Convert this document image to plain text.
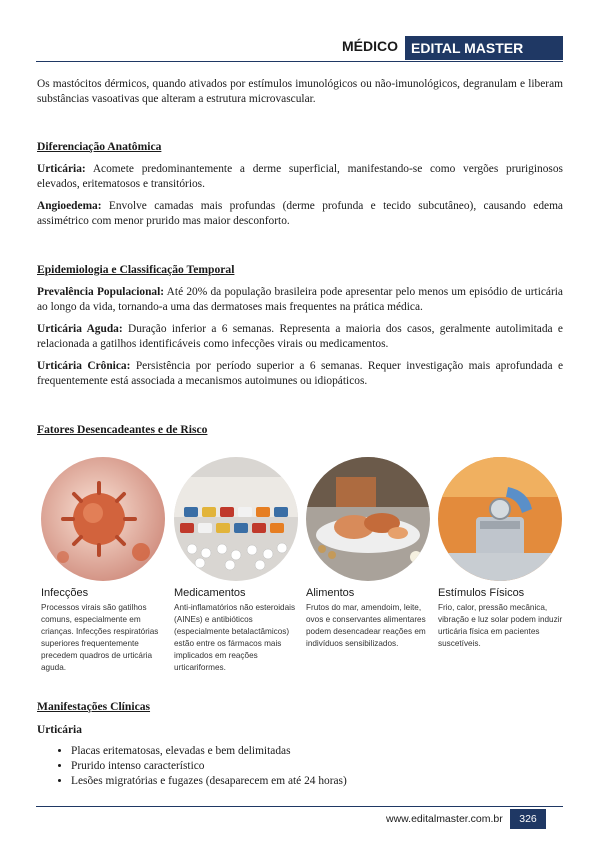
MÉDICO EDITAL MASTER

Os mastócitos dérmicos, quando ativados por estímulos imunológicos ou não-imunológicos, degranulam e liberam substâncias vasoativas que alteram a estrutura microvascular.

Diferenciação Anatômica

Urticária: Acomete predominantemente a derme superficial, manifestando-se como vergões pruriginosos elevados, eritematosos e transitórios.

Angioedema: Envolve camadas mais profundas (derme profunda e tecido subcutâneo), causando edema assimétrico com menor prurido mas maior desconforto.

Epidemiologia e Classificação Temporal

Prevalência Populacional: Até 20% da população brasileira pode apresentar pelo menos um episódio de urticária ao longo da vida, tornando-a uma das dermatoses mais frequentes na prática médica.

Urticária Aguda: Duração inferior a 6 semanas. Representa a maioria dos casos, geralmente autolimitada e relacionada a gatilhos identificáveis como infecções virais ou medicamentos.

Urticária Crônica: Persistência por período superior a 6 semanas. Requer investigação mais aprofundada e frequentemente está associada a mecanismos autoimunes ou idiopáticos.

Fatores Desencadeantes e de Risco

Infecções
Processos virais são gatilhos comuns, especialmente em crianças. Infecções respiratórias superiores frequentemente precedem quadros de urticária aguda.
Medicamentos
Anti-inflamatórios não esteroidais (AINEs) e antibióticos (especialmente betalactâmicos) estão entre os fármacos mais implicados em reações urticariformes.
Alimentos
Frutos do mar, amendoim, leite, ovos e conservantes alimentares podem desencadear reações em indivíduos sensibilizados.
Estímulos Físicos
Frio, calor, pressão mecânica, vibração e luz solar podem induzir urticária física em pacientes suscetíveis.

Manifestações Clínicas

Urticária

• Placas eritematosas, elevadas e bem delimitadas
• Prurido intenso característico
• Lesões migratórias e fugazes (desaparecem em até 24 horas)
www.editalmaster.com.br	326
